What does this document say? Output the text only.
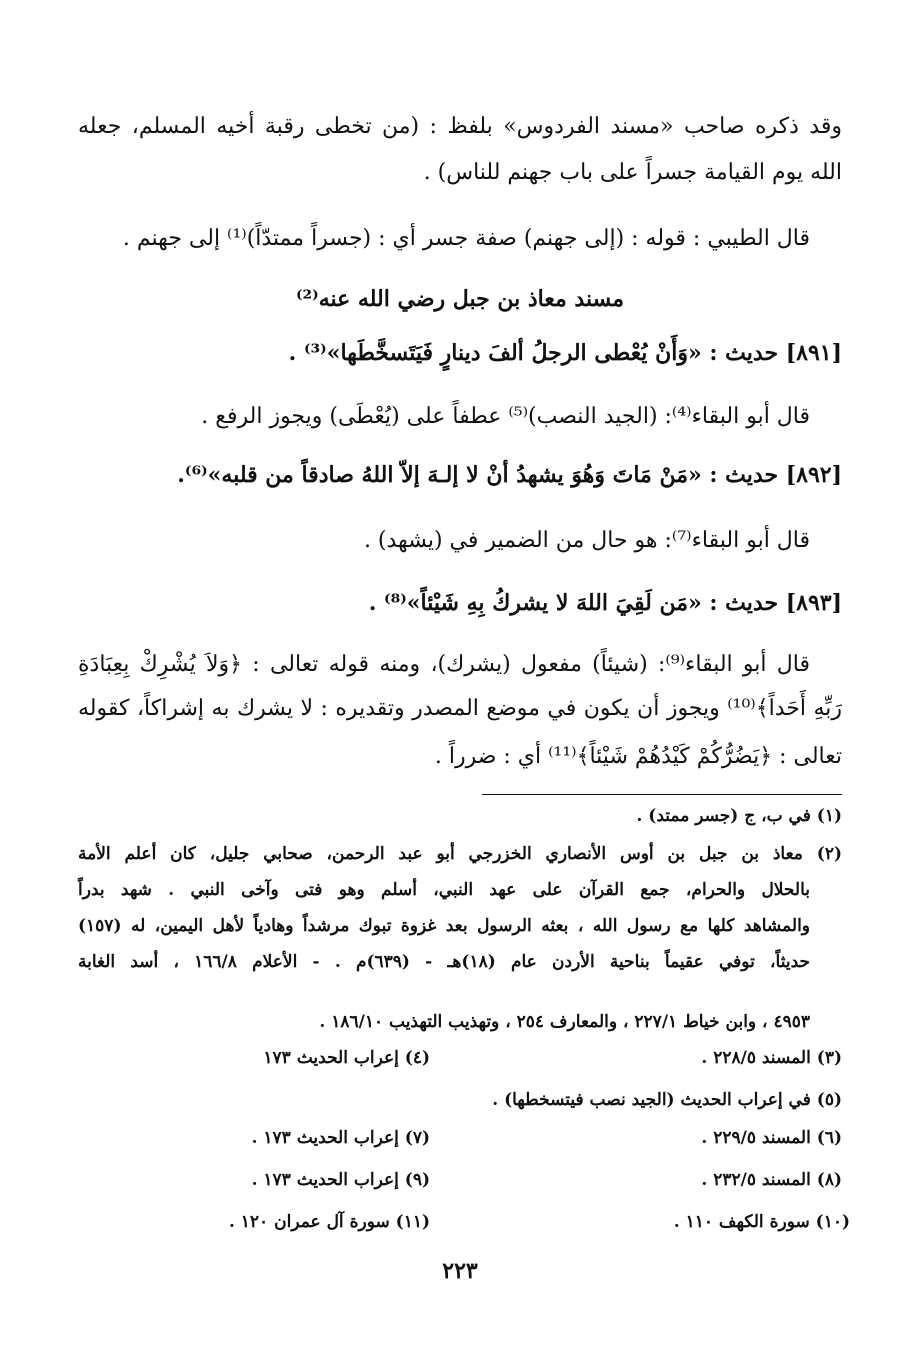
وقد ذكره صاحب «مسند الفردوس» بلفظ : (من تخطى رقبة أخيه المسلم، جعله
الله يوم القيامة جسراً على باب جهنم للناس) .
قال الطيبي : قوله : (إلى جهنم) صفة جسر أي : (جسراً ممتدّاً)⁽¹⁾ إلى جهنم .
مسند معاذ بن جبل رضي الله عنه⁽²⁾
[٨٩١] حديث : «وَأَنْ يُعْطى الرجلُ ألفَ دينارٍ فَيَتَسخَّطَها»⁽³⁾ .
قال أبو البقاء⁽⁴⁾: (الجيد النصب)⁽⁵⁾ عطفاً على (يُعْطَى) ويجوز الرفع .
[٨٩٢] حديث : «مَنْ مَاتَ وَهُوَ يشهدُ أنْ لا إلـهَ إلاّ اللهُ صادقاً من قلبه»⁽⁶⁾.
قال أبو البقاء⁽⁷⁾: هو حال من الضمير في (يشهد) .
[٨٩٣] حديث : «مَن لَقِيَ اللهَ لا يشركُ بِهِ شَيْئاً»⁽⁸⁾ .
قال أبو البقاء⁽⁹⁾: (شيئاً) مفعول (يشرك)، ومنه قوله تعالى : ﴿وَلاَ يُشْرِكْ بِعِبَادَةِ
رَبِّهِ أَحَداً﴾⁽¹⁰⁾ ويجوز أن يكون في موضع المصدر وتقديره : لا يشرك به إشراكاً، كقوله
تعالى : ﴿يَضُرُّكُمْ كَيْدُهُمْ شَيْئاً﴾⁽¹¹⁾ أي : ضرراً .
(١) في ب، ج (جسر ممتد) .
(٢) معاذ بن جبل بن أوس الأنصاري الخزرجي أبو عبد الرحمن، صحابي جليل، كان أعلم الأمة
بالحلال والحرام، جمع القرآن على عهد النبي، أسلم وهو فتى وآخى النبي . شهد بدراً
والمشاهد كلها مع رسول الله ، بعثه الرسول بعد غزوة تبوك مرشداً وهادياً لأهل اليمين، له (١٥٧)
حديثاً، توفي عقيماً بناحية الأردن عام (١٨)هـ - (٦٣٩)م . - الأعلام ١٦٦/٨ ، أسد الغابة
٤٩٥٣ ، وابن خياط ٢٢٧/١ ، والمعارف ٢٥٤ ، وتهذيب التهذيب ١٨٦/١٠ .
(٣) المسند ٢٢٨/٥ .
(٤) إعراب الحديث ١٧٣
(٥) في إعراب الحديث (الجيد نصب فيتسخطها) .
(٦) المسند ٢٢٩/٥ .
(٧) إعراب الحديث ١٧٣ .
(٨) المسند ٢٣٢/٥ .
(٩) إعراب الحديث ١٧٣ .
(١٠) سورة الكهف ١١٠ .
(١١) سورة آل عمران ١٢٠ .
٢٢٣
